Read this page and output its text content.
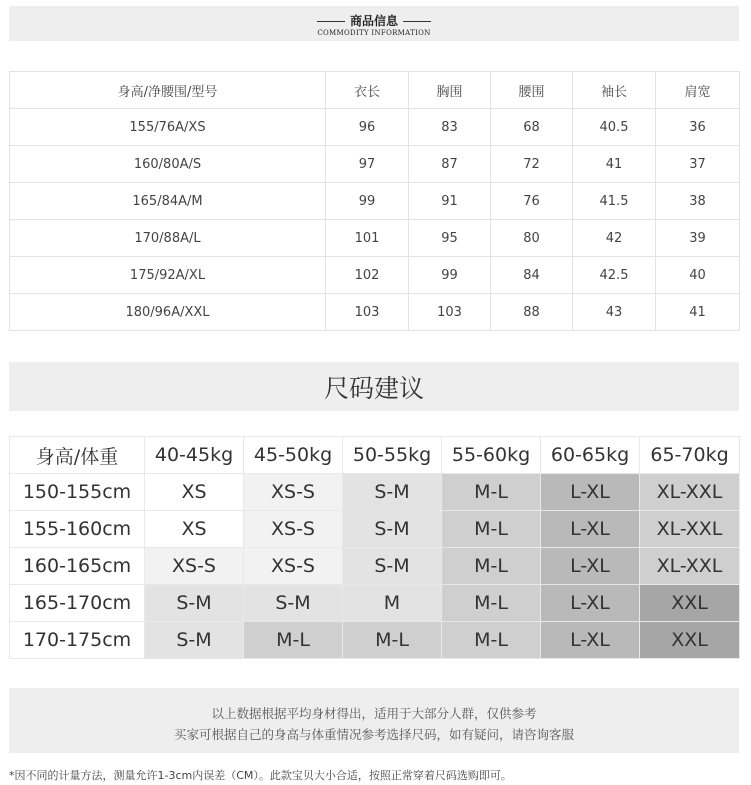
商品信息
COMMODITY INFORMATION
身高/净腰围/型号	衣长	胸围	腰围	袖长	肩宽
155/76A/XS	96	83	68	40.5	36
160/80A/S	97	87	72	41	37
165/84A/M	99	91	76	41.5	38
170/88A/L	101	95	80	42	39
175/92A/XL	102	99	84	42.5	40
180/96A/XXL	103	103	88	43	41
尺码建议
身高/体重	40-45kg	45-50kg	50-55kg	55-60kg	60-65kg	65-70kg
150-155cm	XS	XS-S	S-M	M-L	L-XL	XL-XXL
155-160cm	XS	XS-S	S-M	M-L	L-XL	XL-XXL
160-165cm	XS-S	XS-S	S-M	M-L	L-XL	XL-XXL
165-170cm	S-M	S-M	M	M-L	L-XL	XXL
170-175cm	S-M	M-L	M-L	M-L	L-XL	XXL
以上数据根据平均身材得出，适用于大部分人群，仅供参考
买家可根据自己的身高与体重情况参考选择尺码，如有疑问，请咨询客服
*因不同的计量方法，测量允许1-3cm内误差（CM）。此款宝贝大小合适，按照正常穿着尺码选购即可。
